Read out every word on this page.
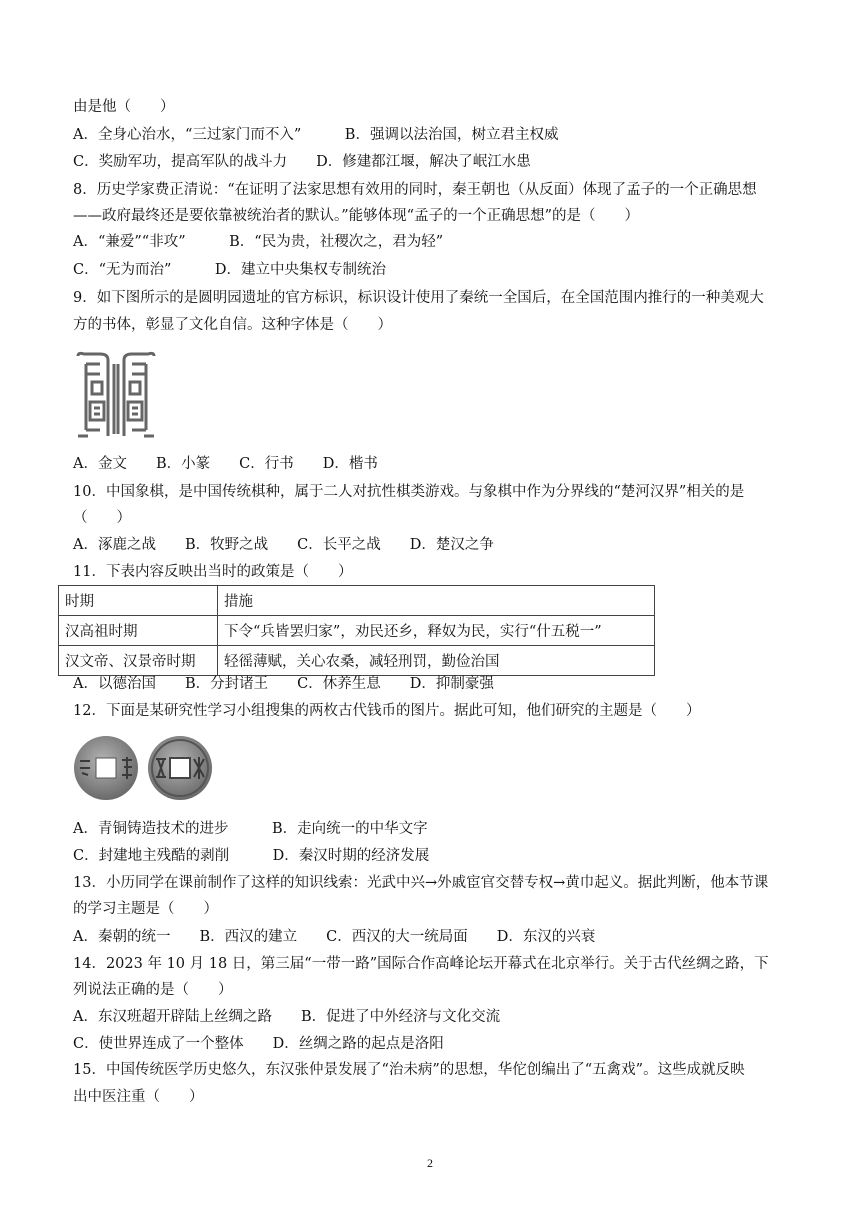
由是他（　　）
A．全身心治水，“三过家门而不入”　　　B．强调以法治国，树立君主权威
C．奖励军功，提高军队的战斗力　　D．修建都江堰，解决了岷江水患
8．历史学家费正清说：“在证明了法家思想有效用的同时，秦王朝也（从反面）体现了孟子的一个正确思想
——政府最终还是要依靠被统治者的默认。”能够体现“孟子的一个正确思想”的是（　　）
A．“兼爱”“非攻”　　　B．“民为贵，社稷次之，君为轻”
C．“无为而治”　　　D．建立中央集权专制统治
9．如下图所示的是圆明园遗址的官方标识，标识设计使用了秦统一全国后，在全国范围内推行的一种美观大
方的书体，彰显了文化自信。这种字体是（　　）
A．金文　　B．小篆　　C．行书　　D．楷书
10．中国象棋，是中国传统棋种，属于二人对抗性棋类游戏。与象棋中作为分界线的“楚河汉界”相关的是
（　　）
A．涿鹿之战　　B．牧野之战　　C．长平之战　　D．楚汉之争
11．下表内容反映出当时的政策是（　　）
时期	措施
汉高祖时期	下令“兵皆罢归家”，劝民还乡，释奴为民，实行“什五税一”
汉文帝、汉景帝时期	轻徭薄赋，关心农桑，减轻刑罚，勤俭治国
A．以德治国　　B．分封诸王　　C．休养生息　　D．抑制豪强
12．下面是某研究性学习小组搜集的两枚古代钱币的图片。据此可知，他们研究的主题是（　　）
A．青铜铸造技术的进步　　　B．走向统一的中华文字
C．封建地主残酷的剥削　　　D．秦汉时期的经济发展
13．小历同学在课前制作了这样的知识线索：光武中兴→外戚宦官交替专权→黄巾起义。据此判断，他本节课
的学习主题是（　　）
A．秦朝的统一　　B．西汉的建立　　C．西汉的大一统局面　　D．东汉的兴衰
14．2023 年 10 月 18 日，第三届“一带一路”国际合作高峰论坛开幕式在北京举行。关于古代丝绸之路，下
列说法正确的是（　　）
A．东汉班超开辟陆上丝绸之路　　B．促进了中外经济与文化交流
C．使世界连成了一个整体　　D．丝绸之路的起点是洛阳
15．中国传统医学历史悠久，东汉张仲景发展了“治未病”的思想，华佗创编出了“五禽戏”。这些成就反映
出中医注重（　　）
2
